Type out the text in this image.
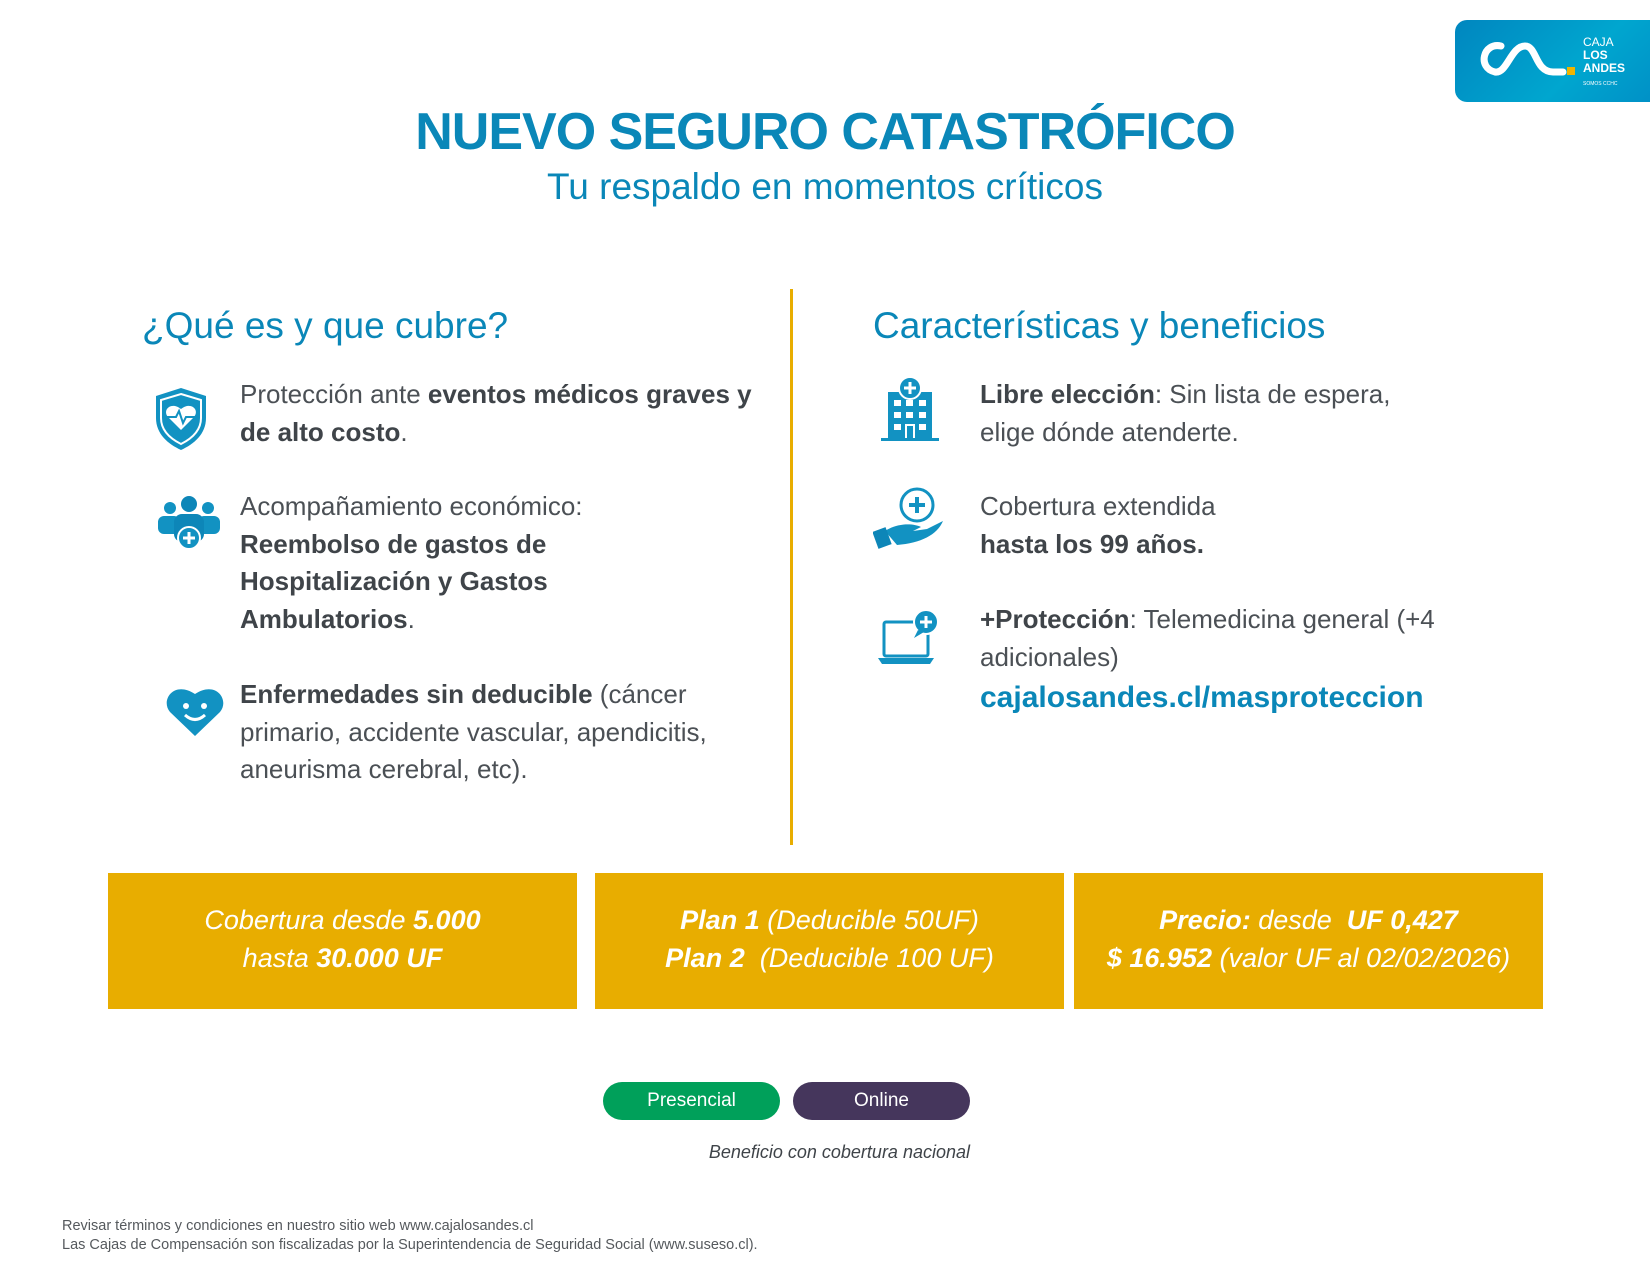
CAJA
LOS
ANDES
SOMOS CCHC
NUEVO SEGURO CATASTRÓFICO
Tu respaldo en momentos críticos
¿Qué es y que cubre?	Características y beneficios
Protección ante eventos médicos graves y de alto costo.
Acompañamiento económico: Reembolso de gastos de Hospitalización y Gastos Ambulatorios.
Enfermedades sin deducible (cáncer primario, accidente vascular, apendicitis, aneurisma cerebral, etc).
Libre elección: Sin lista de espera, elige dónde atenderte.
Cobertura extendida
hasta los 99 años.
+Protección: Telemedicina general (+4 adicionales)
cajalosandes.cl/masproteccion
Cobertura desde 5.000
hasta 30.000 UF
Plan 1 (Deducible 50UF)
Plan 2  (Deducible 100 UF)
Precio: desde  UF 0,427
$ 16.952 (valor UF al 02/02/2026)
Presencial	Online
Beneficio con cobertura nacional
Revisar términos y condiciones en nuestro sitio web www.cajalosandes.cl
Las Cajas de Compensación son fiscalizadas por la Superintendencia de Seguridad Social (www.suseso.cl).
